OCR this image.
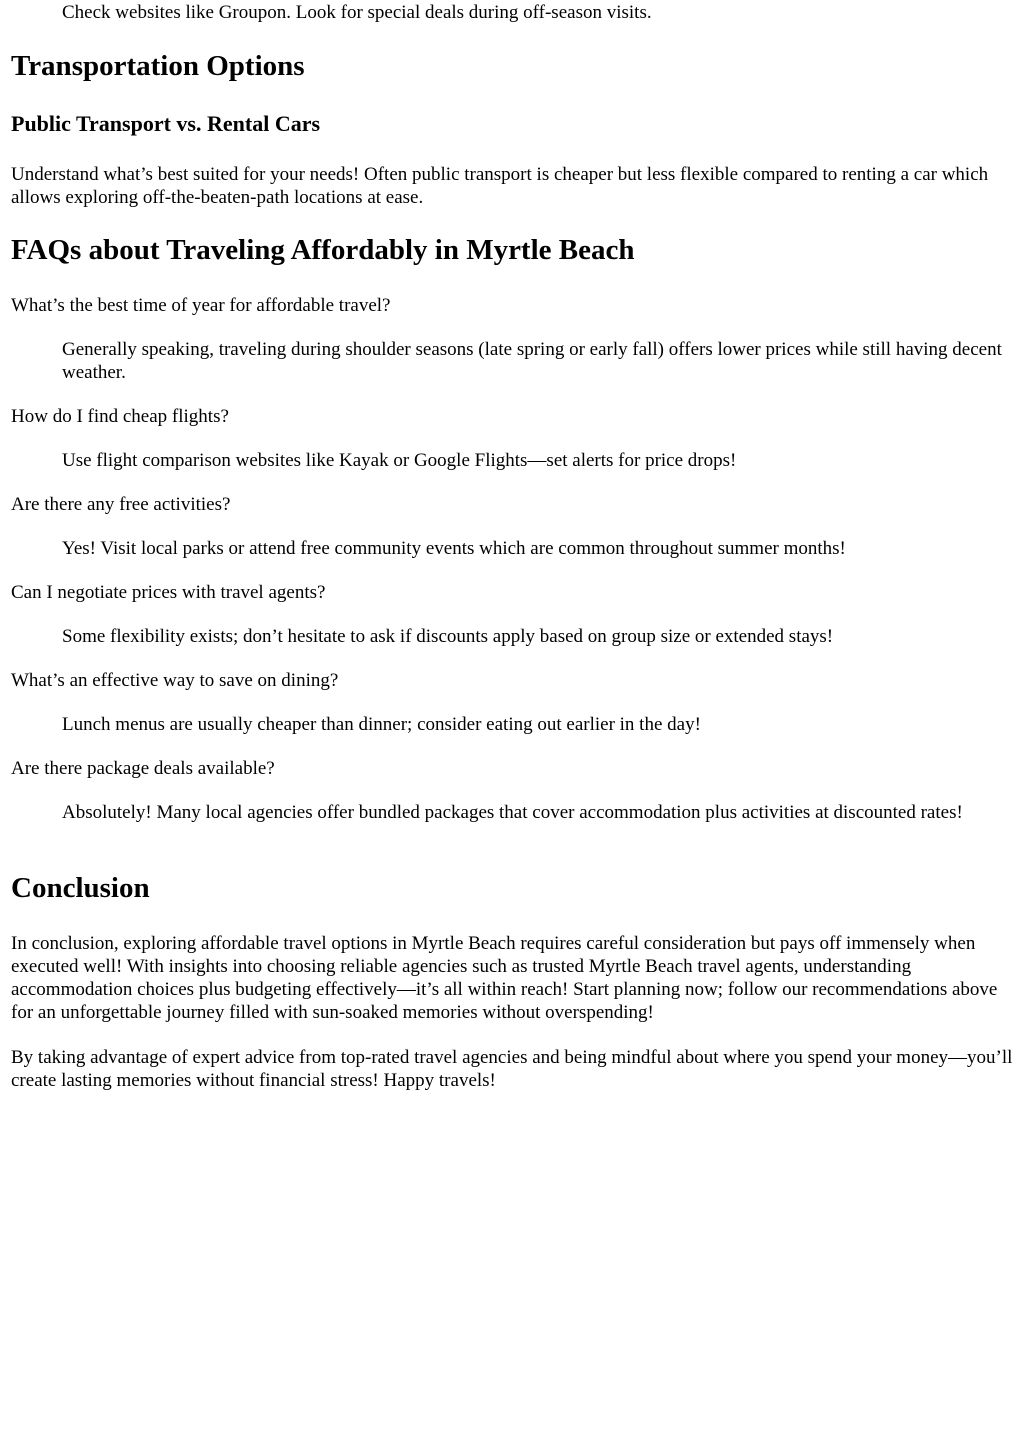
Check websites like Groupon. Look for special deals during off-season visits.

Transportation Options
Public Transport vs. Rental Cars

Understand what’s best suited for your needs! Often public transport is cheaper but less flexible compared to renting a car which allows exploring off-the-beaten-path locations at ease.

FAQs about Traveling Affordably in Myrtle Beach
What’s the best time of year for affordable travel?
Generally speaking, traveling during shoulder seasons (late spring or early fall) offers lower prices while still having decent weather.
How do I find cheap flights?
Use flight comparison websites like Kayak or Google Flights—set alerts for price drops!
Are there any free activities?
Yes! Visit local parks or attend free community events which are common throughout summer months!
Can I negotiate prices with travel agents?
Some flexibility exists; don’t hesitate to ask if discounts apply based on group size or extended stays!
What’s an effective way to save on dining?
Lunch menus are usually cheaper than dinner; consider eating out earlier in the day!
Are there package deals available?
Absolutely! Many local agencies offer bundled packages that cover accommodation plus activities at discounted rates!
Conclusion

In conclusion, exploring affordable travel options in Myrtle Beach requires careful consideration but pays off immensely when executed well! With insights into choosing reliable agencies such as trusted Myrtle Beach travel agents, understanding accommodation choices plus budgeting effectively—it’s all within reach! Start planning now; follow our recommendations above for an unforgettable journey filled with sun-soaked memories without overspending!

By taking advantage of expert advice from top-rated travel agencies and being mindful about where you spend your money—you’ll create lasting memories without financial stress! Happy travels!
